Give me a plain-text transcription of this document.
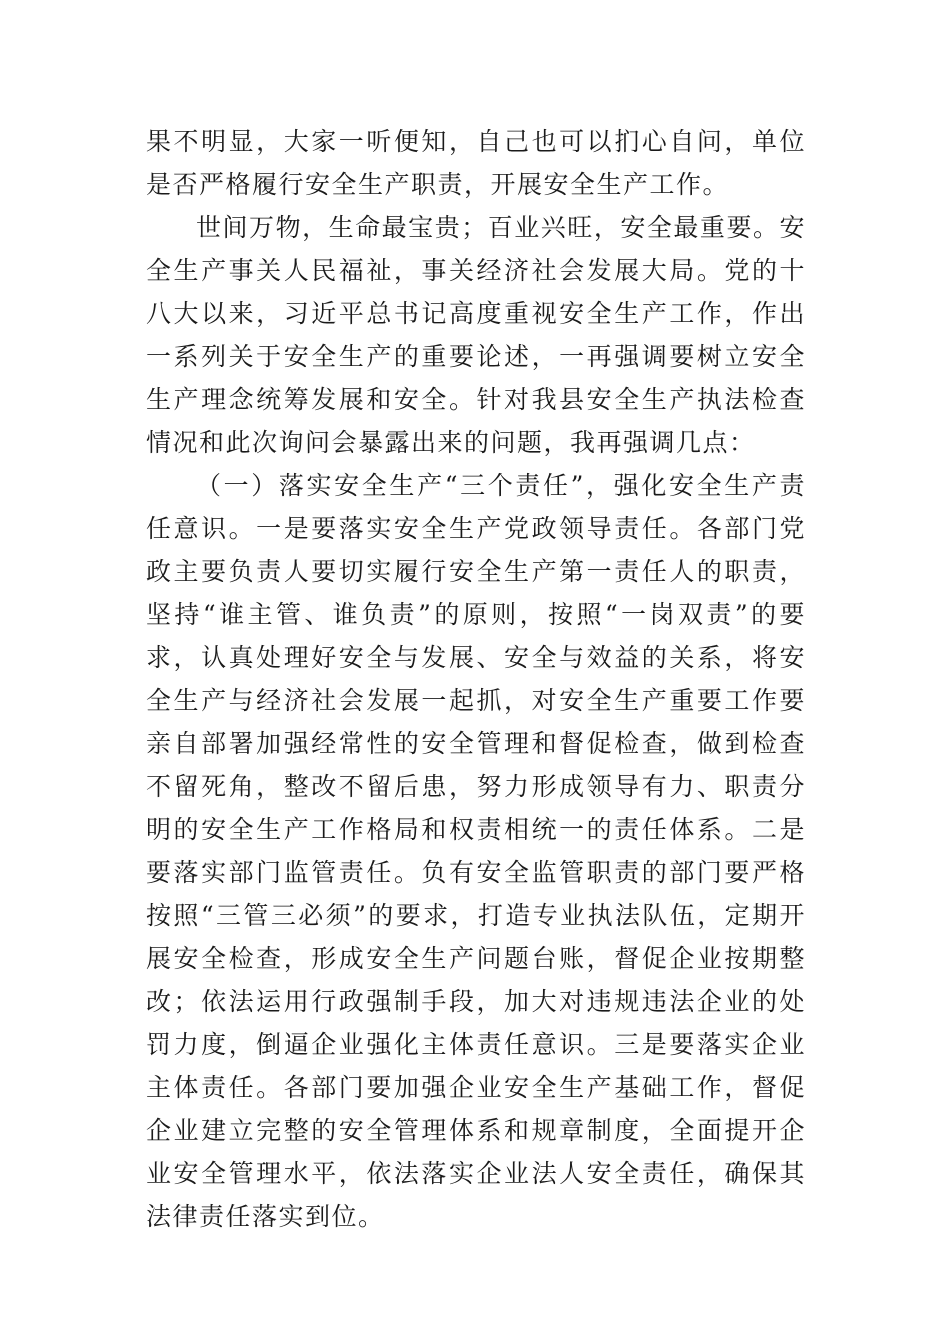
果不明显，大家一听便知，自己也可以扪心自问，单位是否严格履行安全生产职责，开展安全生产工作。

世间万物，生命最宝贵；百业兴旺，安全最重要。安全生产事关人民福祉，事关经济社会发展大局。党的十八大以来，习近平总书记高度重视安全生产工作，作出一系列关于安全生产的重要论述，一再强调要树立安全生产理念统筹发展和安全。针对我县安全生产执法检查情况和此次询问会暴露出来的问题，我再强调几点：

（一）落实安全生产“三个责任”，强化安全生产责任意识。一是要落实安全生产党政领导责任。各部门党政主要负责人要切实履行安全生产第一责任人的职责，坚持“谁主管、谁负责”的原则，按照“一岗双责”的要求，认真处理好安全与发展、安全与效益的关系，将安全生产与经济社会发展一起抓，对安全生产重要工作要亲自部署加强经常性的安全管理和督促检查，做到检查不留死角，整改不留后患，努力形成领导有力、职责分明的安全生产工作格局和权责相统一的责任体系。二是要落实部门监管责任。负有安全监管职责的部门要严格按照“三管三必须”的要求，打造专业执法队伍，定期开展安全检查，形成安全生产问题台账，督促企业按期整改；依法运用行政强制手段，加大对违规违法企业的处罚力度，倒逼企业强化主体责任意识。三是要落实企业主体责任。各部门要加强企业安全生产基础工作，督促企业建立完整的安全管理体系和规章制度，全面提开企业安全管理水平，依法落实企业法人安全责任，确保其法律责任落实到位。
